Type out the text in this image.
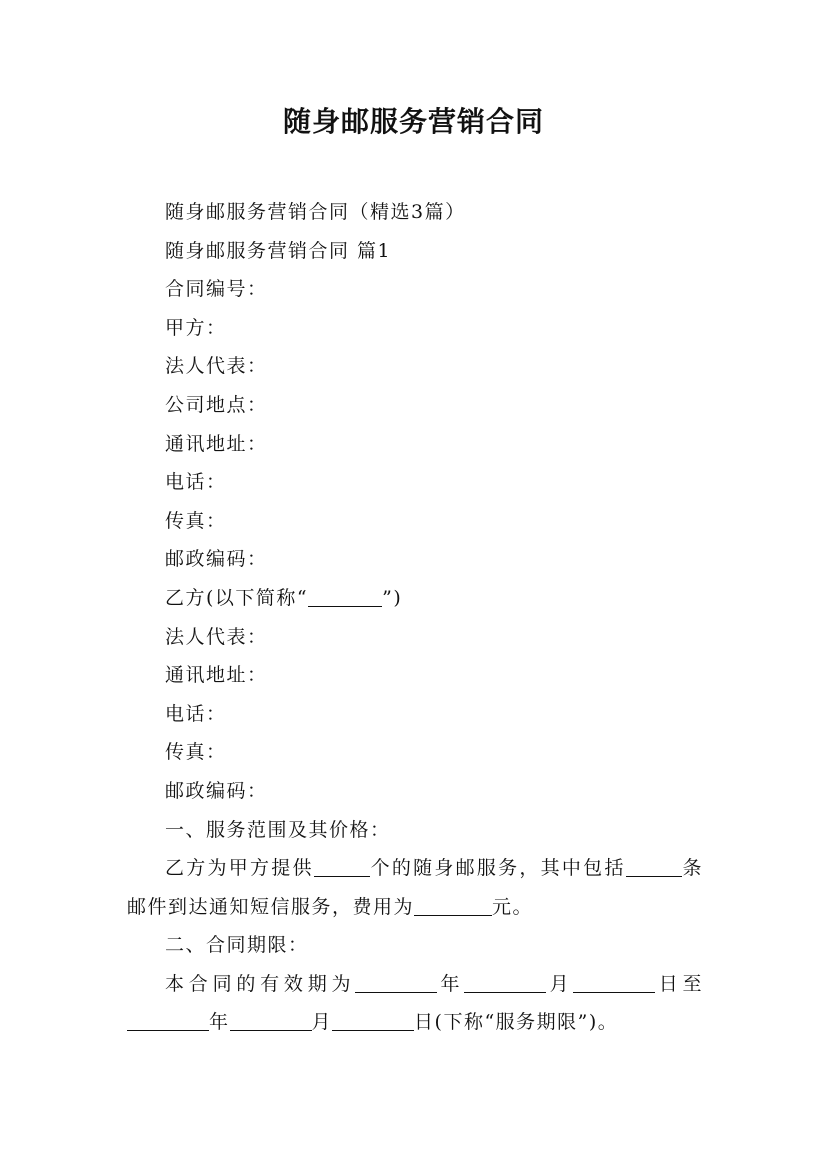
随身邮服务营销合同

随身邮服务营销合同（精选3篇）

随身邮服务营销合同 篇1

合同编号：

甲方：

法人代表：

公司地点：

通讯地址：

电话：

传真：

邮政编码：

乙方(以下简称“	”)

法人代表：

通讯地址：

电话：

传真：

邮政编码：

一、服务范围及其价格：

乙方为甲方提供	个的随身邮服务，其中包括	条邮件到达通知短信服务，费用为	元。

二、合同期限：

本合同的有效期为	年	月	日至年	月	日(下称“服务期限”)。
